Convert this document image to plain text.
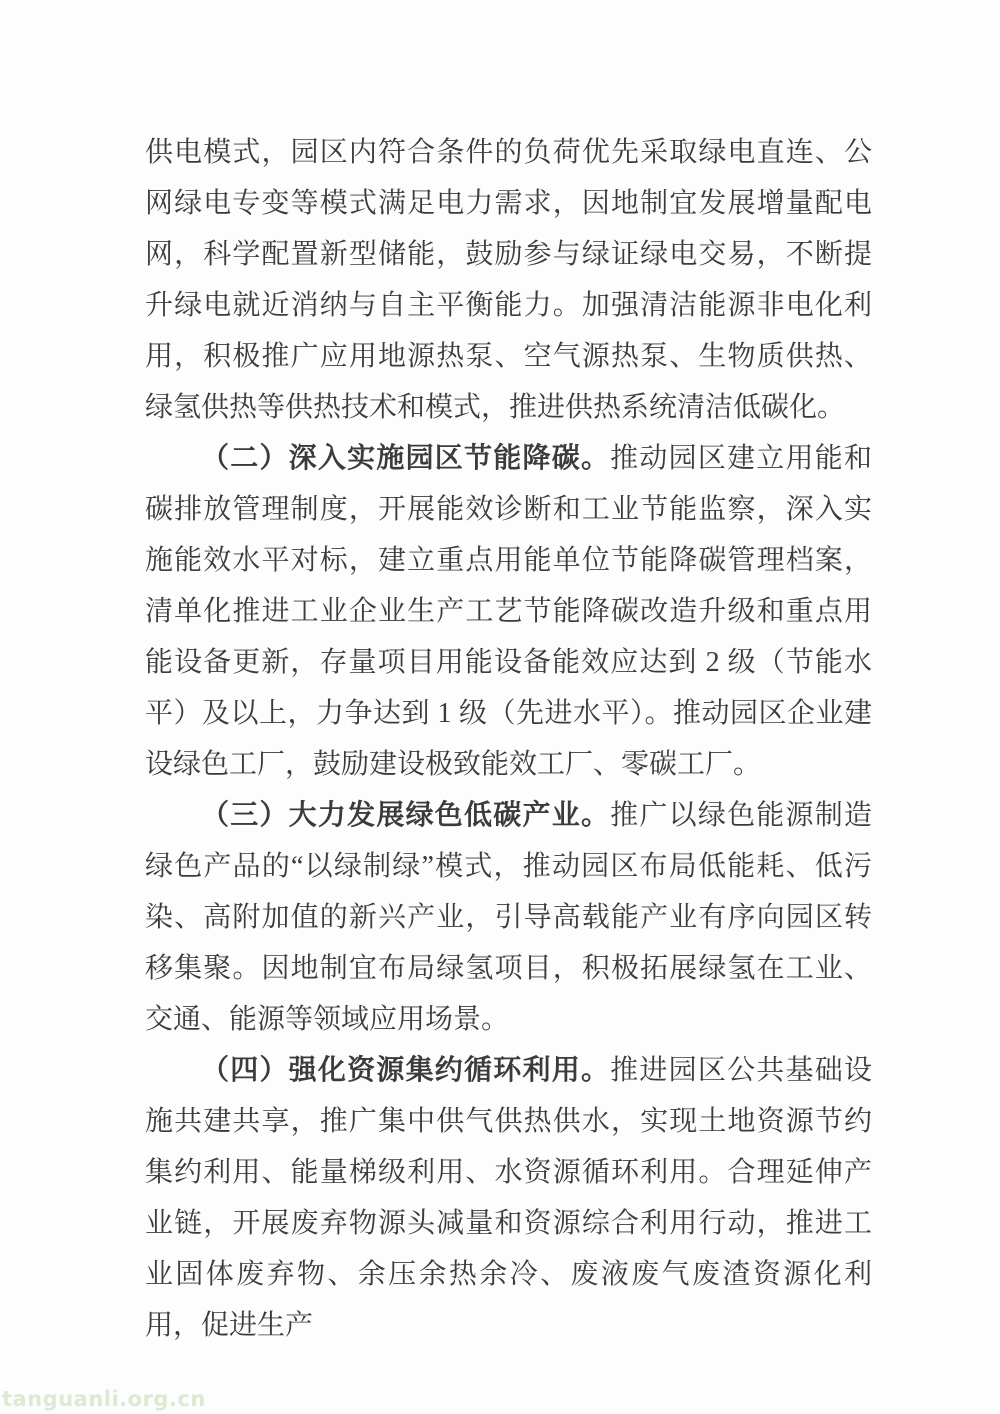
供电模式，园区内符合条件的负荷优先采取绿电直连、公网绿电专变等模式满足电力需求，因地制宜发展增量配电网，科学配置新型储能，鼓励参与绿证绿电交易，不断提升绿电就近消纳与自主平衡能力。加强清洁能源非电化利用，积极推广应用地源热泵、空气源热泵、生物质供热、绿氢供热等供热技术和模式，推进供热系统清洁低碳化。

（二）深入实施园区节能降碳。推动园区建立用能和碳排放管理制度，开展能效诊断和工业节能监察，深入实施能效水平对标，建立重点用能单位节能降碳管理档案，清单化推进工业企业生产工艺节能降碳改造升级和重点用能设备更新，存量项目用能设备能效应达到 2 级（节能水平）及以上，力争达到 1 级（先进水平）。推动园区企业建设绿色工厂，鼓励建设极致能效工厂、零碳工厂。

（三）大力发展绿色低碳产业。推广以绿色能源制造绿色产品的“以绿制绿”模式，推动园区布局低能耗、低污染、高附加值的新兴产业，引导高载能产业有序向园区转移集聚。因地制宜布局绿氢项目，积极拓展绿氢在工业、交通、能源等领域应用场景。

（四）强化资源集约循环利用。推进园区公共基础设施共建共享，推广集中供气供热供水，实现土地资源节约集约利用、能量梯级利用、水资源循环利用。合理延伸产业链，开展废弃物源头减量和资源综合利用行动，推进工业固体废弃物、余压余热余冷、废液废气废渣资源化利用，促进生产

tanguanli.org.cn
